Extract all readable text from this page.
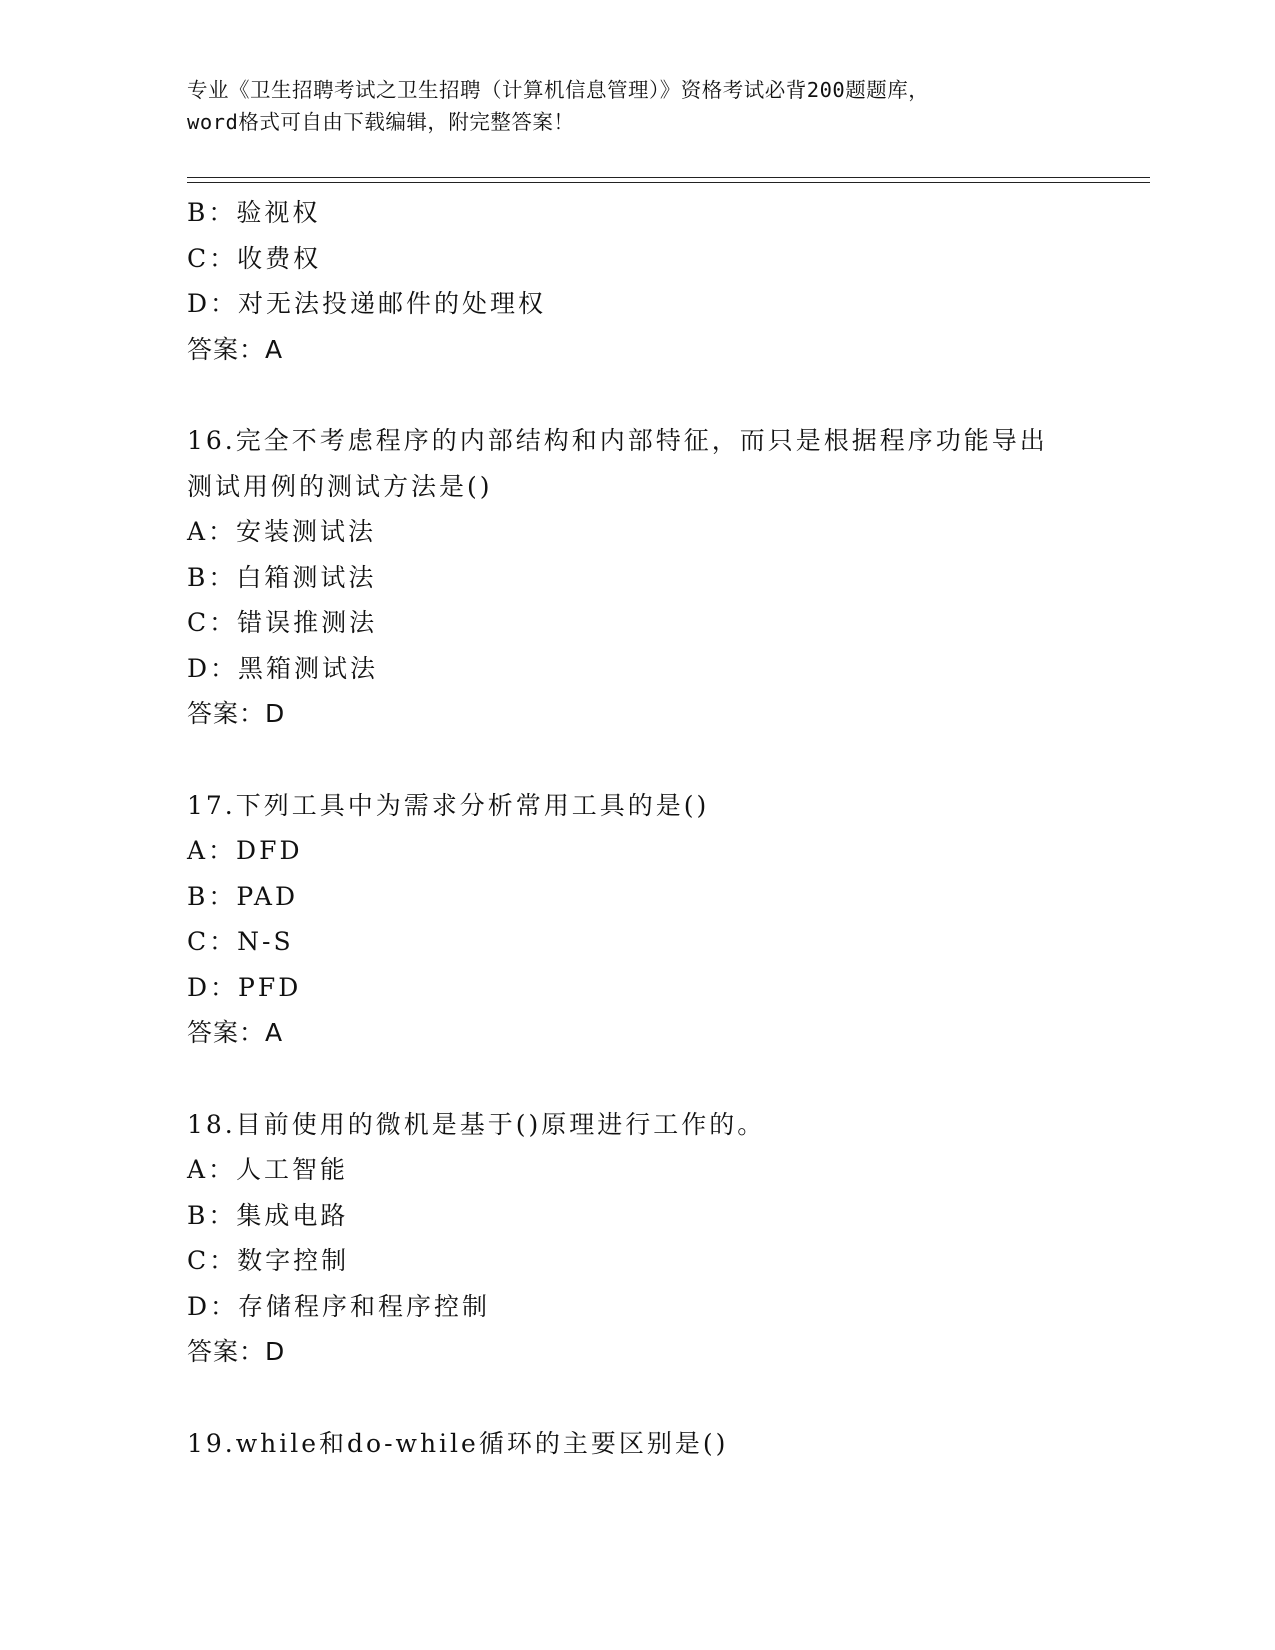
专业《卫生招聘考试之卫生招聘（计算机信息管理）》资格考试必背200题题库，
word格式可自由下载编辑，附完整答案！
B：验视权
C：收费权
D：对无法投递邮件的处理权
答案：A
16.完全不考虑程序的内部结构和内部特征，而只是根据程序功能导出
测试用例的测试方法是()
A：安装测试法
B：白箱测试法
C：错误推测法
D：黑箱测试法
答案：D
17.下列工具中为需求分析常用工具的是()
A：DFD
B：PAD
C：N-S
D：PFD
答案：A
18.目前使用的微机是基于()原理进行工作的。
A：人工智能
B：集成电路
C：数字控制
D：存储程序和程序控制
答案：D
19.while和do-while循环的主要区别是()
